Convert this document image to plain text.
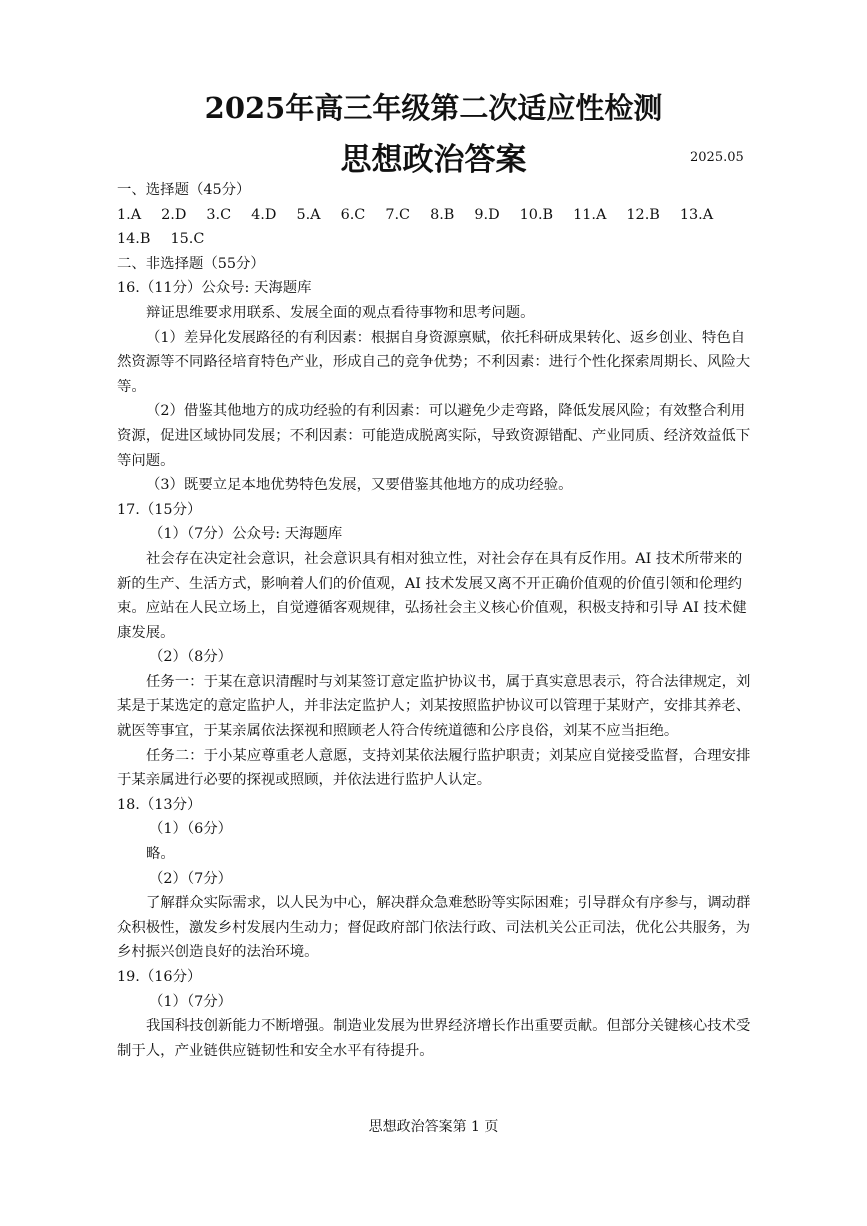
2025年高三年级第二次适应性检测
思想政治答案	2025.05

一、选择题（45分）

1.A 2.D 3.C 4.D 5.A 6.C 7.C 8.B 9.D 10.B 11.A 12.B 13.A
14.B 15.C

二、非选择题（55分）

16.（11分）公众号: 天海题库

辩证思维要求用联系、发展全面的观点看待事物和思考问题。

（1）差异化发展路径的有利因素：根据自身资源禀赋，依托科研成果转化、返乡创业、特色自然资源等不同路径培育特色产业，形成自己的竞争优势；不利因素：进行个性化探索周期长、风险大等。

（2）借鉴其他地方的成功经验的有利因素：可以避免少走弯路，降低发展风险；有效整合利用资源，促进区域协同发展；不利因素：可能造成脱离实际，导致资源错配、产业同质、经济效益低下等问题。

（3）既要立足本地优势特色发展，又要借鉴其他地方的成功经验。

17.（15分）

（1）（7分）公众号: 天海题库

社会存在决定社会意识，社会意识具有相对独立性，对社会存在具有反作用。AI 技术所带来的新的生产、生活方式，影响着人们的价值观，AI 技术发展又离不开正确价值观的价值引领和伦理约束。应站在人民立场上，自觉遵循客观规律，弘扬社会主义核心价值观，积极支持和引导 AI 技术健康发展。

（2）（8分）

任务一：于某在意识清醒时与刘某签订意定监护协议书，属于真实意思表示，符合法律规定，刘某是于某选定的意定监护人，并非法定监护人；刘某按照监护协议可以管理于某财产，安排其养老、就医等事宜，于某亲属依法探视和照顾老人符合传统道德和公序良俗，刘某不应当拒绝。

任务二：于小某应尊重老人意愿，支持刘某依法履行监护职责；刘某应自觉接受监督，合理安排于某亲属进行必要的探视或照顾，并依法进行监护人认定。

18.（13分）

（1）（6分）

略。

（2）（7分）

了解群众实际需求，以人民为中心，解决群众急难愁盼等实际困难；引导群众有序参与，调动群众积极性，激发乡村发展内生动力；督促政府部门依法行政、司法机关公正司法，优化公共服务，为乡村振兴创造良好的法治环境。

19.（16分）

（1）（7分）

我国科技创新能力不断增强。制造业发展为世界经济增长作出重要贡献。但部分关键核心技术受制于人，产业链供应链韧性和安全水平有待提升。

思想政治答案第 1 页
